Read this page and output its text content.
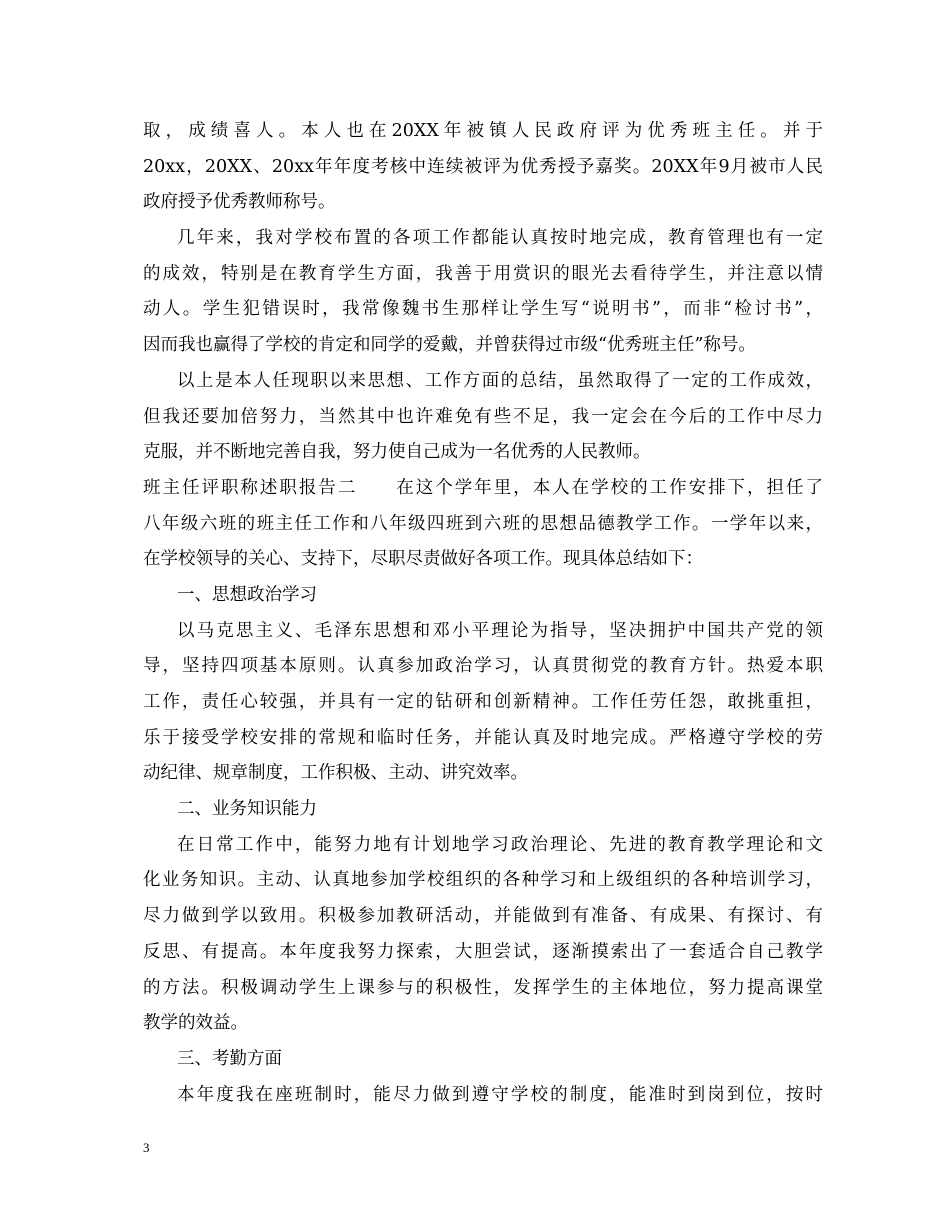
取，成绩喜人。本人也在20XX年被镇人民政府评为优秀班主任。并于
20xx，20XX、20xx年年度考核中连续被评为优秀授予嘉奖。20XX年9月被市人民
政府授予优秀教师称号。
几年来，我对学校布置的各项工作都能认真按时地完成，教育管理也有一定
的成效，特别是在教育学生方面，我善于用赏识的眼光去看待学生，并注意以情
动人。学生犯错误时，我常像魏书生那样让学生写“说明书”，而非“检讨书”，
因而我也赢得了学校的肯定和同学的爱戴，并曾获得过市级“优秀班主任”称号。
以上是本人任现职以来思想、工作方面的总结，虽然取得了一定的工作成效，
但我还要加倍努力，当然其中也许难免有些不足，我一定会在今后的工作中尽力
克服，并不断地完善自我，努力使自己成为一名优秀的人民教师。
班主任评职称述职报告二　　在这个学年里，本人在学校的工作安排下，担任了
八年级六班的班主任工作和八年级四班到六班的思想品德教学工作。一学年以来，
在学校领导的关心、支持下，尽职尽责做好各项工作。现具体总结如下：
一、思想政治学习
以马克思主义、毛泽东思想和邓小平理论为指导，坚决拥护中国共产党的领
导，坚持四项基本原则。认真参加政治学习，认真贯彻党的教育方针。热爱本职
工作，责任心较强，并具有一定的钻研和创新精神。工作任劳任怨，敢挑重担，
乐于接受学校安排的常规和临时任务，并能认真及时地完成。严格遵守学校的劳
动纪律、规章制度，工作积极、主动、讲究效率。
二、业务知识能力
在日常工作中，能努力地有计划地学习政治理论、先进的教育教学理论和文
化业务知识。主动、认真地参加学校组织的各种学习和上级组织的各种培训学习，
尽力做到学以致用。积极参加教研活动，并能做到有准备、有成果、有探讨、有
反思、有提高。本年度我努力探索，大胆尝试，逐渐摸索出了一套适合自己教学
的方法。积极调动学生上课参与的积极性，发挥学生的主体地位，努力提高课堂
教学的效益。
三、考勤方面
本年度我在座班制时，能尽力做到遵守学校的制度，能准时到岗到位，按时
3
